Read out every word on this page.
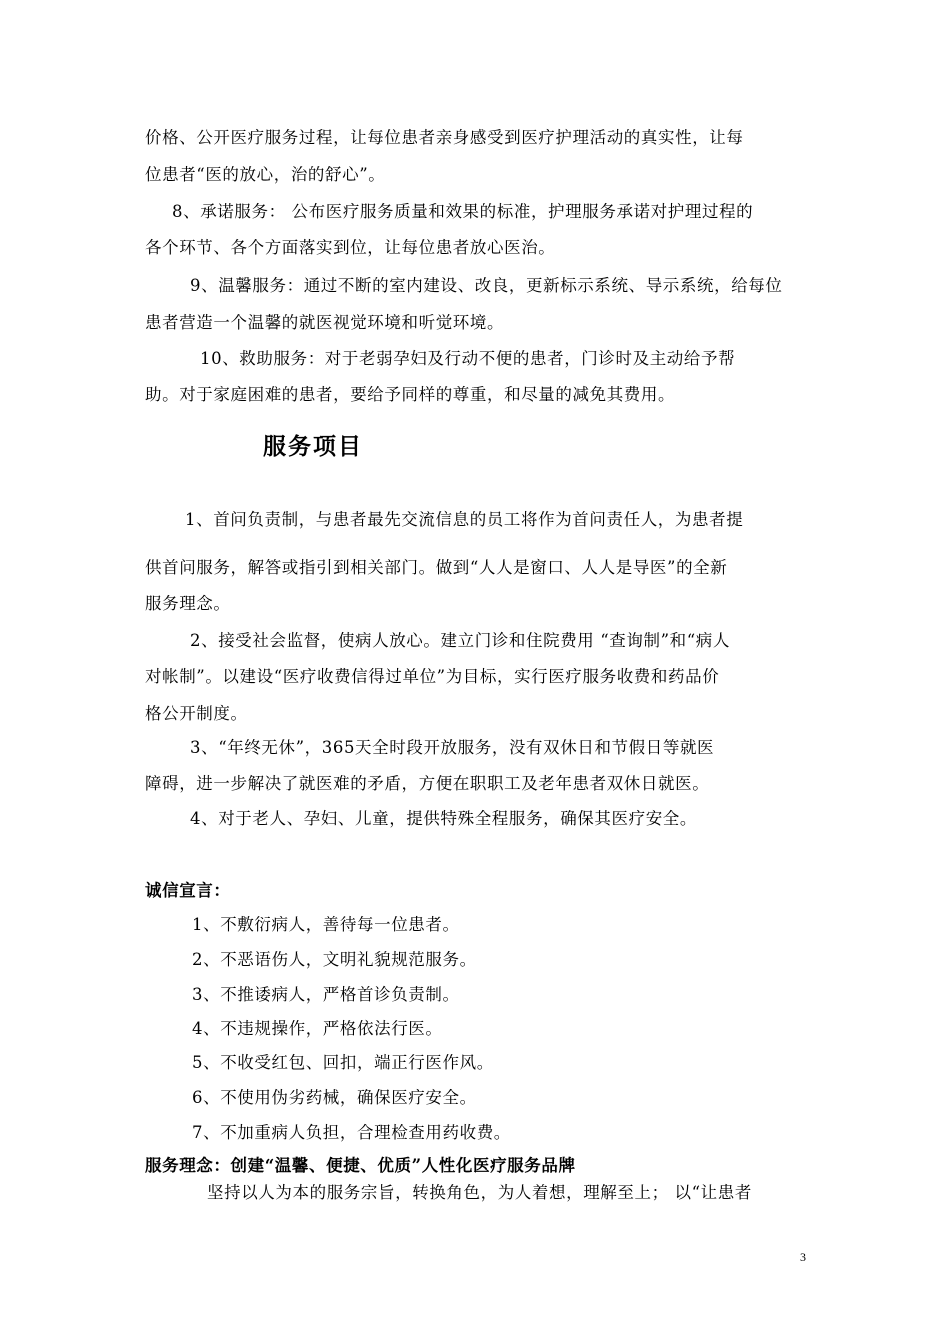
价格、公开医疗服务过程，让每位患者亲身感受到医疗护理活动的真实性，让每
位患者“医的放心，治的舒心”。
8、承诺服务： 公布医疗服务质量和效果的标准，护理服务承诺对护理过程的
各个环节、各个方面落实到位，让每位患者放心医治。
9、温馨服务：通过不断的室内建设、改良，更新标示系统、导示系统，给每位
患者营造一个温馨的就医视觉环境和听觉环境。
10、救助服务：对于老弱孕妇及行动不便的患者，门诊时及主动给予帮
助。对于家庭困难的患者，要给予同样的尊重，和尽量的减免其费用。
服务项目
1、首问负责制，与患者最先交流信息的员工将作为首问责任人，为患者提
供首问服务，解答或指引到相关部门。做到“人人是窗口、人人是导医”的全新
服务理念。
2、接受社会监督，使病人放心。建立门诊和住院费用 “查询制”和“病人
对帐制”。以建设“医疗收费信得过单位”为目标，实行医疗服务收费和药品价
格公开制度。
3、“年终无休”，365天全时段开放服务，没有双休日和节假日等就医
障碍，进一步解决了就医难的矛盾，方便在职职工及老年患者双休日就医。
4、对于老人、孕妇、儿童，提供特殊全程服务，确保其医疗安全。
诚信宣言：
1、不敷衍病人，善待每一位患者。
2、不恶语伤人，文明礼貌规范服务。
3、不推诿病人，严格首诊负责制。
4、不违规操作，严格依法行医。
5、不收受红包、回扣，端正行医作风。
6、不使用伪劣药械，确保医疗安全。
7、不加重病人负担，合理检查用药收费。
服务理念：创建“温馨、便捷、优质”人性化医疗服务品牌
坚持以人为本的服务宗旨，转换角色，为人着想，理解至上； 以“让患者
3
